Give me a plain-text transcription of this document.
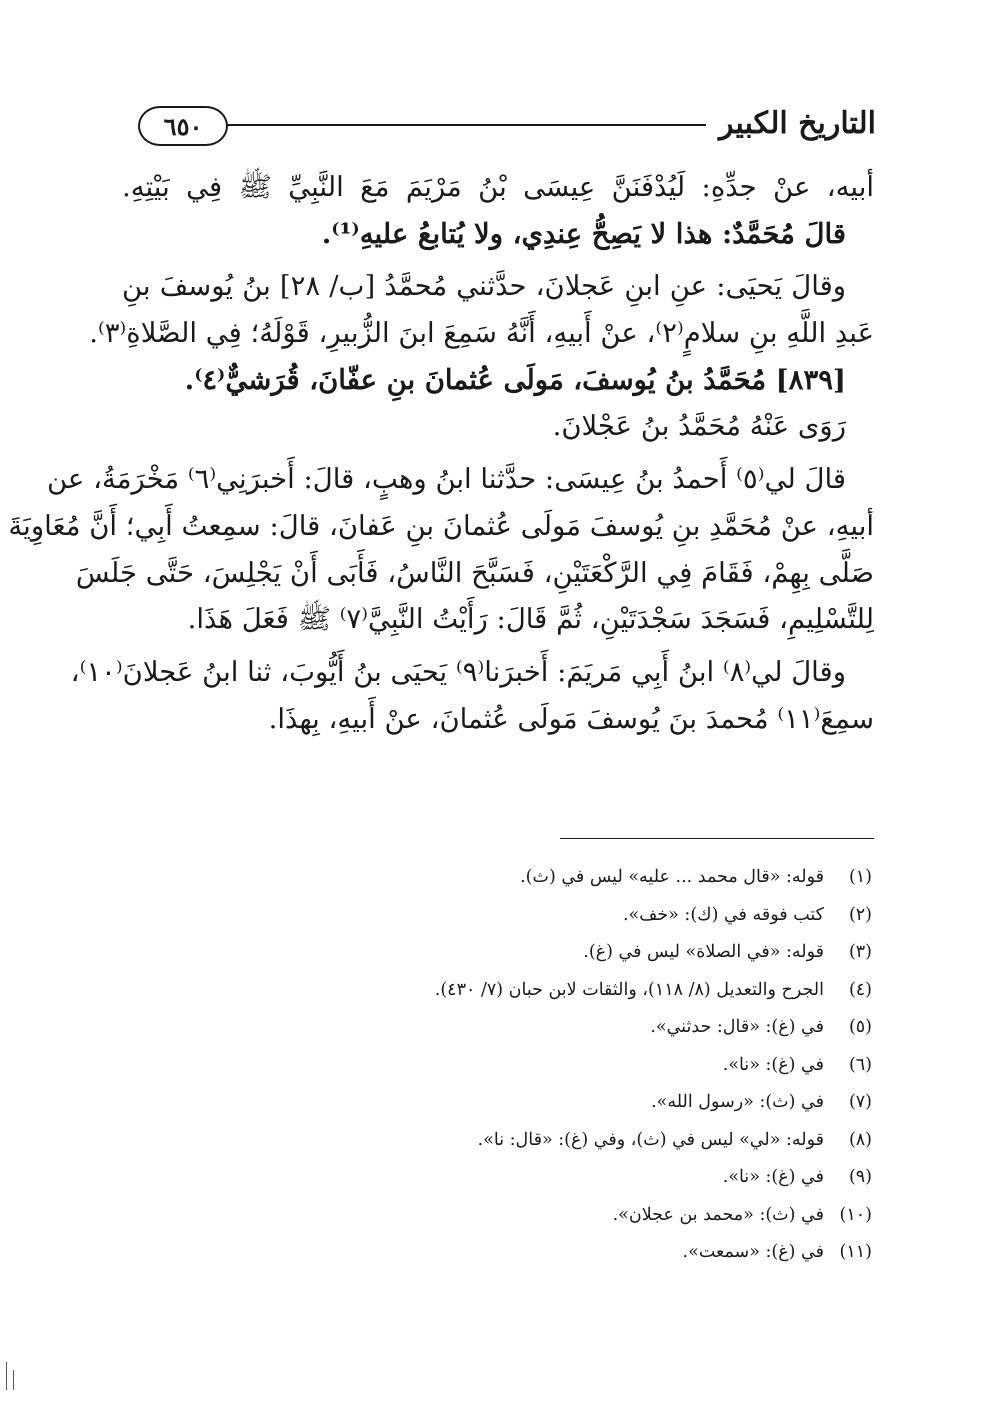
التاريخ الكبير
٦٥٠
أبيه، عنْ جدِّهِ: لَيُدْفَنَنَّ عِيسَى بْنُ مَرْيَمَ مَعَ النَّبِيِّ ﷺ فِي بَيْتِهِ.
قالَ مُحَمَّدٌ: هذا لا يَصِحُّ عِندِي، ولا يُتابعُ عليهِ⁽¹⁾.
وقالَ يَحيَى: عنِ ابنِ عَجلانَ، حدَّثني مُحمَّدُ [ب/ ٢٨] بنُ يُوسفَ بنِ
عَبدِ اللَّهِ بنِ سلامٍ⁽٢⁾، عنْ أَبيهِ، أَنَّهُ سَمِعَ ابنَ الزُّبيرِ، قَوْلَهُ؛ فِي الصَّلاةِ⁽٣⁾.
[٨٣٩] مُحَمَّدُ بنُ يُوسفَ، مَولَى عُثمانَ بنِ عفّانَ، قُرَشيٌّ⁽٤⁾.
رَوَى عَنْهُ مُحَمَّدُ بنُ عَجْلانَ.
قالَ لي⁽٥⁾ أَحمدُ بنُ عِيسَى: حدَّثنا ابنُ وهبٍ، قالَ: أَخبرَنِي⁽٦⁾ مَخْرَمَةُ، عن
أبيهِ، عنْ مُحَمَّدِ بنِ يُوسفَ مَولَى عُثمانَ بنِ عَفانَ، قالَ: سمِعتُ أَبِي؛ أَنَّ مُعَاوِيَةَ
صَلَّى بِهِمْ، فَقَامَ فِي الرَّكْعَتَيْنِ، فَسَبَّحَ النَّاسُ، فَأَبَى أَنْ يَجْلِسَ، حَتَّى جَلَسَ
لِلتَّسْلِيمِ، فَسَجَدَ سَجْدَتَيْنِ، ثُمَّ قَالَ: رَأَيْتُ النَّبِيَّ⁽٧⁾ ﷺ فَعَلَ هَذَا.
وقالَ لي⁽٨⁾ ابنُ أَبِي مَريَمَ: أَخبرَنا⁽٩⁾ يَحيَى بنُ أَيُّوبَ، ثنا ابنُ عَجلانَ⁽١٠⁾،
سمِعَ⁽١١⁾ مُحمدَ بنَ يُوسفَ مَولَى عُثمانَ، عنْ أَبيهِ، بِهذَا.
(١)قوله: «قال محمد ... عليه» ليس في (ث).
(٢)كتب فوقه في (ك): «خف».
(٣)قوله: «في الصلاة» ليس في (غ).
(٤)الجرح والتعديل (٨/ ١١٨)، والثقات لابن حبان (٧/ ٤٣٠).
(٥)في (غ): «قال: حدثني».
(٦)في (غ): «نا».
(٧)في (ث): «رسول الله».
(٨)قوله: «لي» ليس في (ث)، وفي (غ): «قال: نا».
(٩)في (غ): «نا».
(١٠)في (ث): «محمد بن عجلان».
(١١)في (غ): «سمعت».
